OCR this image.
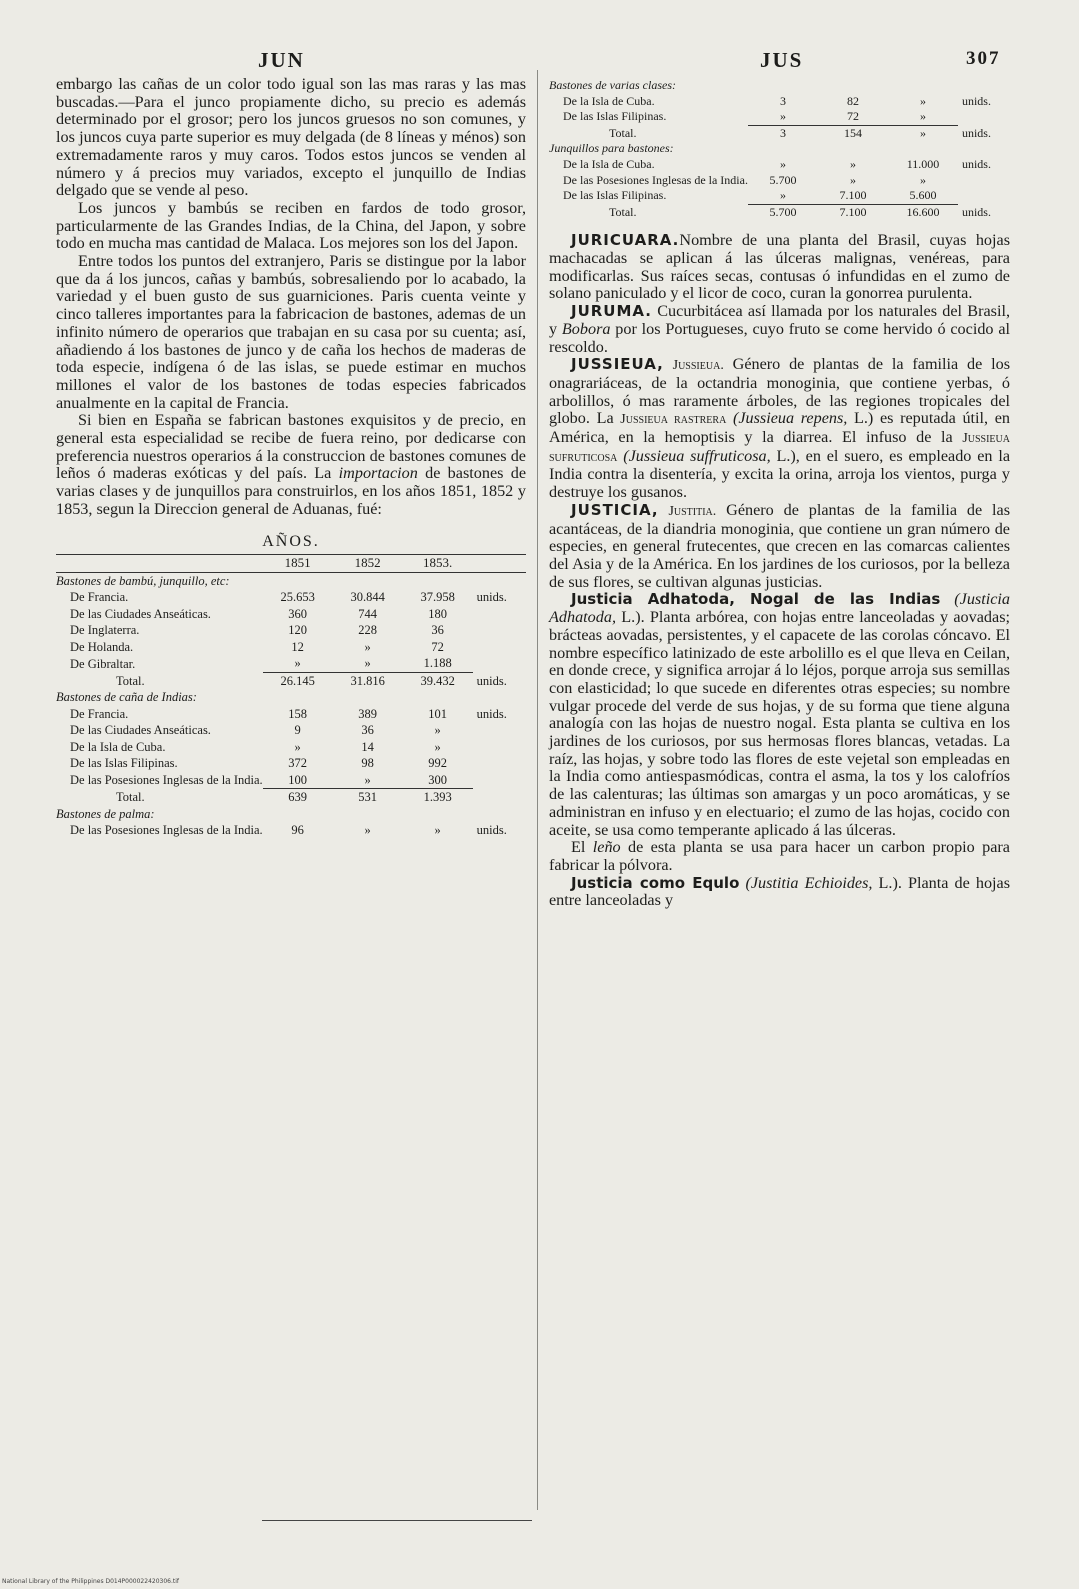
JUN	JUS	307

embargo las cañas de un color todo igual son las mas raras y las mas buscadas.—Para el junco propiamente dicho, su precio es además determinado por el grosor; pero los juncos gruesos no son comunes, y los juncos cuya parte superior es muy delgada (de 8 líneas y ménos) son extremadamente raros y muy caros. Todos estos juncos se venden al número y á precios muy variados, excepto el junquillo de Indias delgado que se vende al peso.

Los juncos y bambús se reciben en fardos de todo grosor, particularmente de las Grandes Indias, de la China, del Japon, y sobre todo en mucha mas cantidad de Malaca. Los mejores son los del Japon.

Entre todos los puntos del extranjero, Paris se distingue por la labor que da á los juncos, cañas y bambús, sobresaliendo por lo acabado, la variedad y el buen gusto de sus guarniciones. Paris cuenta veinte y cinco talleres importantes para la fabricacion de bastones, ademas de un infinito número de operarios que trabajan en su casa por su cuenta; así, añadiendo á los bastones de junco y de caña los hechos de maderas de toda especie, indígena ó de las islas, se puede estimar en muchos millones el valor de los bastones de todas especies fabricados anualmente en la capital de Francia.

Si bien en España se fabrican bastones exquisitos y de precio, en general esta especialidad se recibe de fuera reino, por dedicarse con preferencia nuestros operarios á la construccion de bastones comunes de leños ó maderas exóticas y del país. La importacion de bastones de varias clases y de junquillos para construirlos, en los años 1851, 1852 y 1853, segun la Direccion general de Aduanas, fué:

AÑOS.
	1851	1852	1853.	
Bastones de bambú, junquillo, etc:				
De Francia.	25.653	30.844	37.958	unids.
De las Ciudades Anseáticas.	360	744	180	
De Inglaterra.	120	228	36	
De Holanda.	12	»	72	
De Gibraltar.	»	»	1.188	
Total.	26.145	31.816	39.432	unids.
Bastones de caña de Indias:				
De Francia.	158	389	101	unids.
De las Ciudades Anseáticas.	9	36	»	
De la Isla de Cuba.	»	14	»	
De las Islas Filipinas.	372	98	992	
De las Posesiones Inglesas de la India.	100	»	300	
Total.	639	531	1.393	
Bastones de palma:				
De las Posesiones Inglesas de la India.	96	»	»	unids.
Bastones de varias clases:				
De la Isla de Cuba.	3	82	»	unids.
De las Islas Filipinas.	»	72	»	
Total.	3	154	»	unids.
Junquillos para bastones:				
De la Isla de Cuba.	»	»	11.000	unids.
De las Posesiones Inglesas de la India.	5.700	»	»	
De las Islas Filipinas.	»	7.100	5.600	
Total.	5.700	7.100	16.600	unids.

JURICUARA.Nombre de una planta del Brasil, cuyas hojas machacadas se aplican á las úlceras malignas, venéreas, para modificarlas. Sus raíces secas, contusas ó infundidas en el zumo de solano paniculado y el licor de coco, curan la gonorrea purulenta.

JURUMA. Cucurbitácea así llamada por los naturales del Brasil, y Bobora por los Portugueses, cuyo fruto se come hervido ó cocido al rescoldo.

JUSSIEUA, Jussieua. Género de plantas de la familia de los onagrariáceas, de la octandria monoginia, que contiene yerbas, ó arbolillos, ó mas raramente árboles, de las regiones tropicales del globo. La Jussieua rastrera (Jussieua repens, L.) es reputada útil, en América, en la hemoptisis y la diarrea. El infuso de la Jussieua sufruticosa (Jussieua suffruticosa, L.), en el suero, es empleado en la India contra la disentería, y excita la orina, arroja los vientos, purga y destruye los gusanos.

JUSTICIA, Justitia. Género de plantas de la familia de las acantáceas, de la diandria monoginia, que contiene un gran número de especies, en general frutecentes, que crecen en las comarcas calientes del Asia y de la América. En los jardines de los curiosos, por la belleza de sus flores, se cultivan algunas justicias.

Justicia Adhatoda, Nogal de las Indias (Justicia Adhatoda, L.). Planta arbórea, con hojas entre lanceoladas y aovadas; brácteas aovadas, persistentes, y el capacete de las corolas cóncavo. El nombre específico latinizado de este arbolillo es el que lleva en Ceilan, en donde crece, y significa arrojar á lo léjos, porque arroja sus semillas con elasticidad; lo que sucede en diferentes otras especies; su nombre vulgar procede del verde de sus hojas, y de su forma que tiene alguna analogía con las hojas de nuestro nogal. Esta planta se cultiva en los jardines de los curiosos, por sus hermosas flores blancas, vetadas. La raíz, las hojas, y sobre todo las flores de este vejetal son empleadas en la India como antiespasmódicas, contra el asma, la tos y los calofríos de las calenturas; las últimas son amargas y un poco aromáticas, y se administran en infuso y en electuario; el zumo de las hojas, cocido con aceite, se usa como temperante aplicado á las úlceras.

El leño de esta planta se usa para hacer un carbon propio para fabricar la pólvora.

Justicia como Equlo (Justitia Echioides, L.). Planta de hojas entre lanceoladas y

National Library of the Philippines D014P000022420306.tif
